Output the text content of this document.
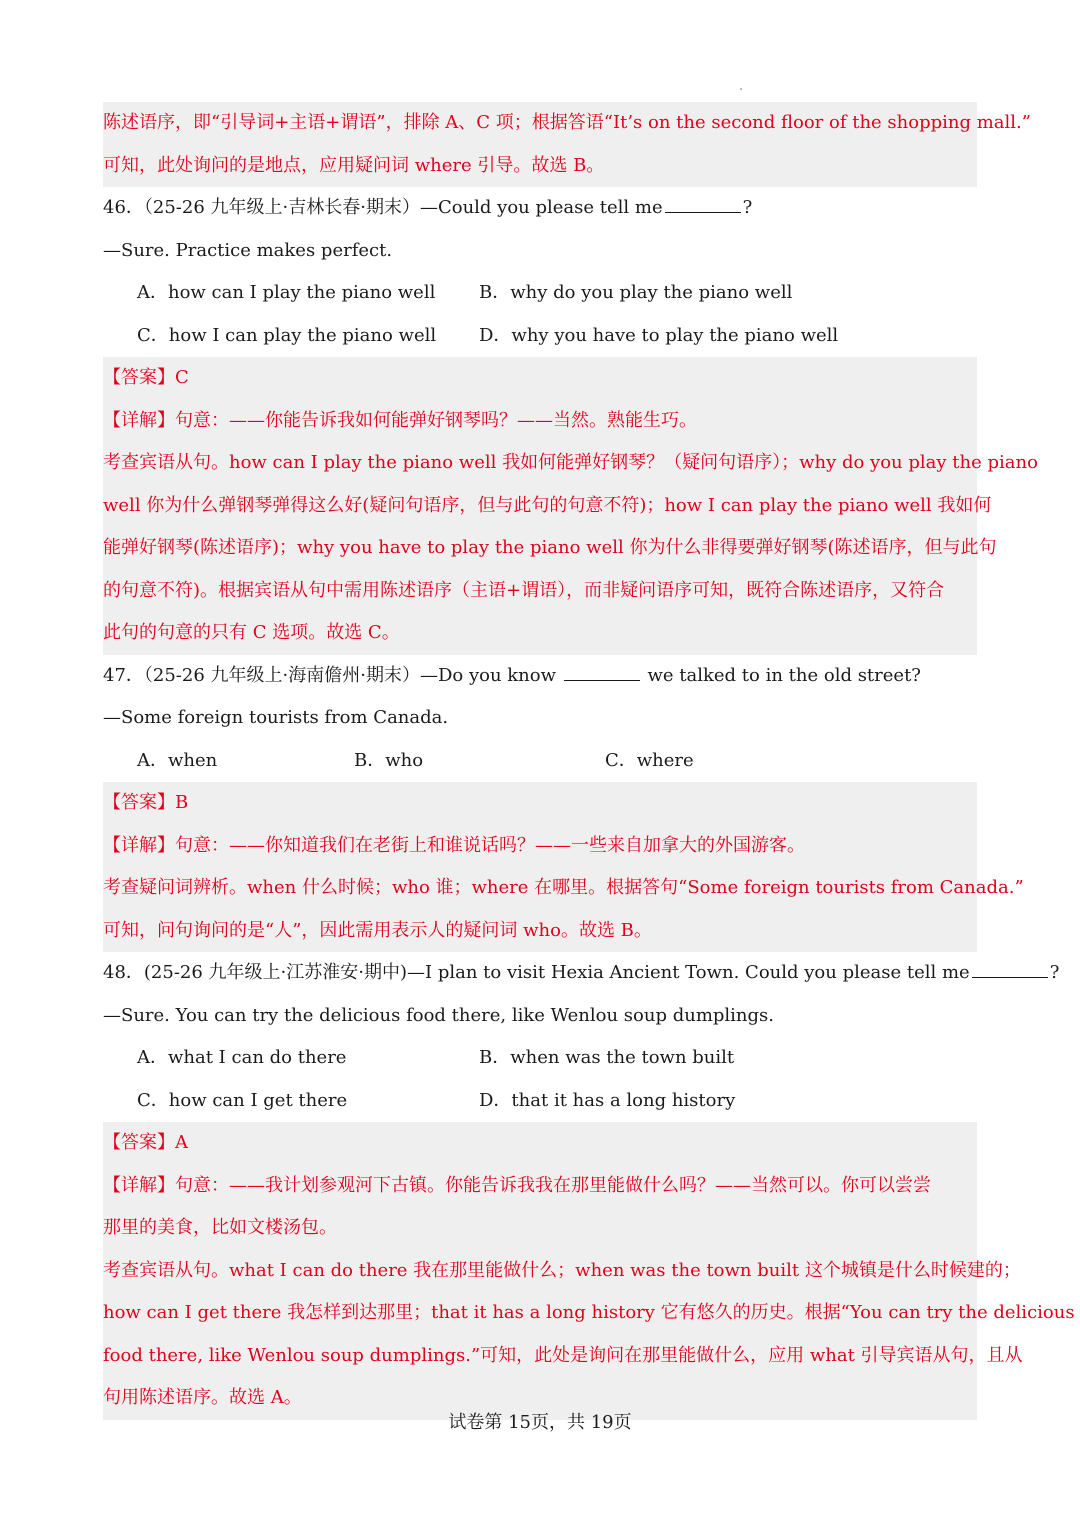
陈述语序，即“引导词+主语+谓语”，排除 A、C 项；根据答语“It’s on the second floor of the shopping mall.”
可知，此处询问的是地点，应用疑问词 where 引导。故选 B。
46．（25-26 九年级上·吉林长春·期末）—Could you please tell me	?
—Sure. Practice makes perfect.
A．how can I play the piano well B．why do you play the piano well
C．how I can play the piano well D．why you have to play the piano well
【答案】C
【详解】句意：——你能告诉我如何能弹好钢琴吗？——当然。熟能生巧。
考查宾语从句。how can I play the piano well 我如何能弹好钢琴？（疑问句语序）；why do you play the piano
well 你为什么弹钢琴弹得这么好(疑问句语序，但与此句的句意不符)；how I can play the piano well 我如何
能弹好钢琴(陈述语序)；why you have to play the piano well 你为什么非得要弹好钢琴(陈述语序，但与此句
的句意不符)。根据宾语从句中需用陈述语序（主语+谓语），而非疑问语序可知，既符合陈述语序，又符合
此句的句意的只有 C 选项。故选 C。
47．（25-26 九年级上·海南儋州·期末）—Do you know	we talked to in the old street?
—Some foreign tourists from Canada.
A．when	B．who	C．where
【答案】B
【详解】句意：——你知道我们在老街上和谁说话吗？——一些来自加拿大的外国游客。
考查疑问词辨析。when 什么时候；who 谁；where 在哪里。根据答句“Some foreign tourists from Canada.”
可知，问句询问的是“人”，因此需用表示人的疑问词 who。故选 B。
48．(25-26 九年级上·江苏淮安·期中)—I plan to visit Hexia Ancient Town. Could you please tell me	?
—Sure. You can try the delicious food there, like Wenlou soup dumplings.
A．what I can do there	B．when was the town built
C．how can I get there	D．that it has a long history
【答案】A
【详解】句意：——我计划参观河下古镇。你能告诉我我在那里能做什么吗？——当然可以。你可以尝尝
那里的美食，比如文楼汤包。
考查宾语从句。what I can do there 我在那里能做什么；when was the town built 这个城镇是什么时候建的；
how can I get there 我怎样到达那里；that it has a long history 它有悠久的历史。根据“You can try the delicious
food there, like Wenlou soup dumplings.”可知，此处是询问在那里能做什么，应用 what 引导宾语从句，且从
句用陈述语序。故选 A。
试卷第 15页，共 19页
